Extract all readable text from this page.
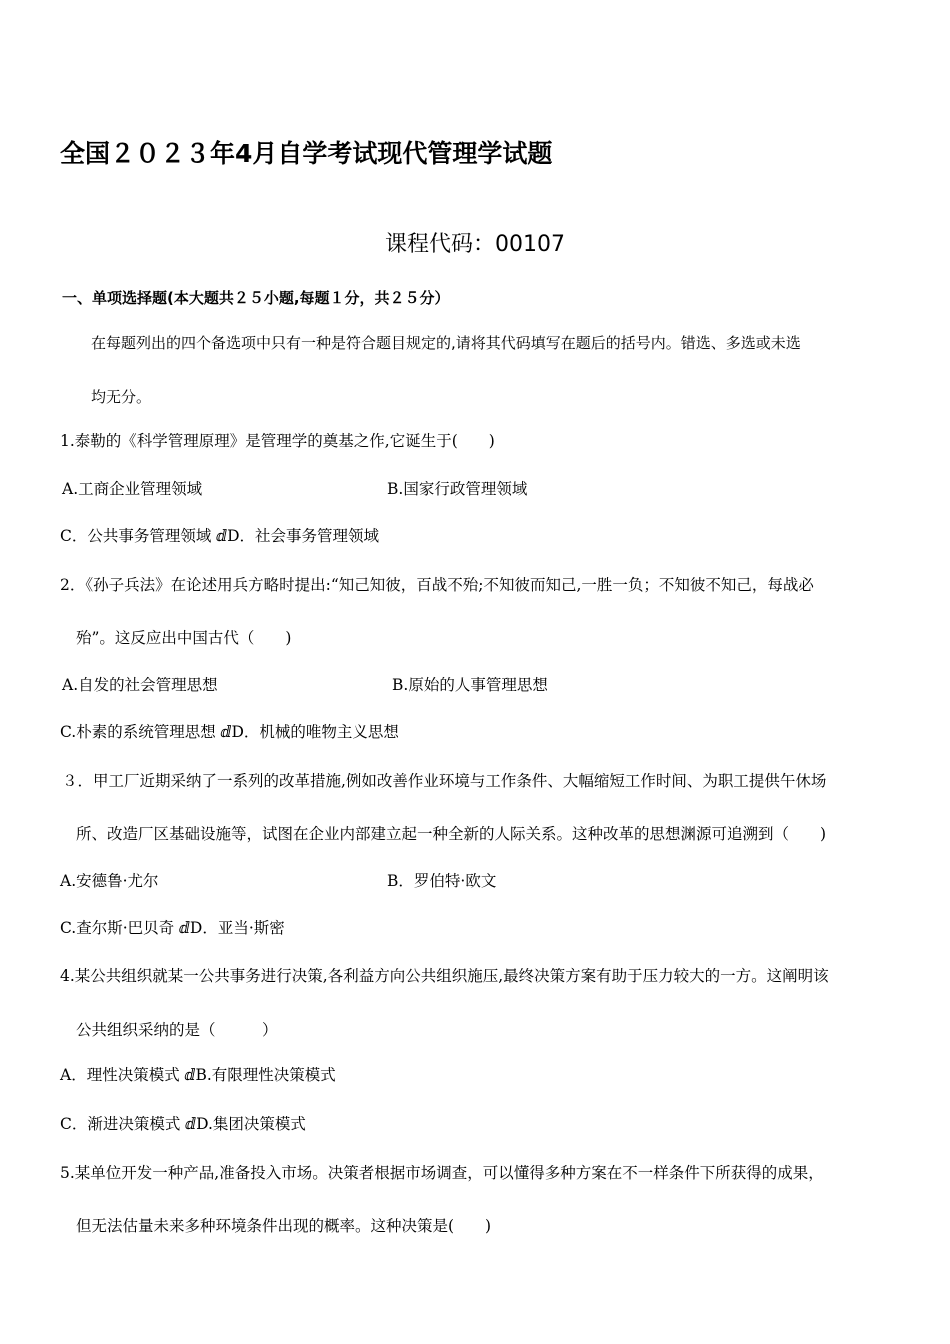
全国２０２３年4月自学考试现代管理学试题
课程代码：00107
一、单项选择题(本大题共２５小题,每题１分，共２５分）
在每题列出的四个备选项中只有一种是符合题目规定的,请将其代码填写在题后的括号内。错选、多选或未选
均无分。
1.泰勒的《科学管理原理》是管理学的奠基之作,它诞生于(　　)
A.工商企业管理领域	B.国家行政管理领域
C．公共事务管理领域 ⅆD．社会事务管理领域
2．《孙子兵法》在论述用兵方略时提出:“知己知彼，百战不殆;不知彼而知己,一胜一负；不知彼不知己，每战必
殆”。这反应出中国古代（　　)
A.自发的社会管理思想	B.原始的人事管理思想
C.朴素的系统管理思想 ⅆD．机械的唯物主义思想
３．甲工厂近期采纳了一系列的改革措施,例如改善作业环境与工作条件、大幅缩短工作时间、为职工提供午休场
所、改造厂区基础设施等，试图在企业内部建立起一种全新的人际关系。这种改革的思想渊源可追溯到（　　)
A.安德鲁·尤尔	B．罗伯特·欧文
C.查尔斯·巴贝奇 ⅆD．亚当·斯密
4.某公共组织就某一公共事务进行决策,各利益方向公共组织施压,最终决策方案有助于压力较大的一方。这阐明该
公共组织采纳的是（　　　）
A．理性决策模式 ⅆB.有限理性决策模式
C．渐进决策模式 ⅆD.集团决策模式
5.某单位开发一种产品,准备投入市场。决策者根据市场调查，可以懂得多种方案在不一样条件下所获得的成果，
但无法估量未来多种环境条件出现的概率。这种决策是(　　)
